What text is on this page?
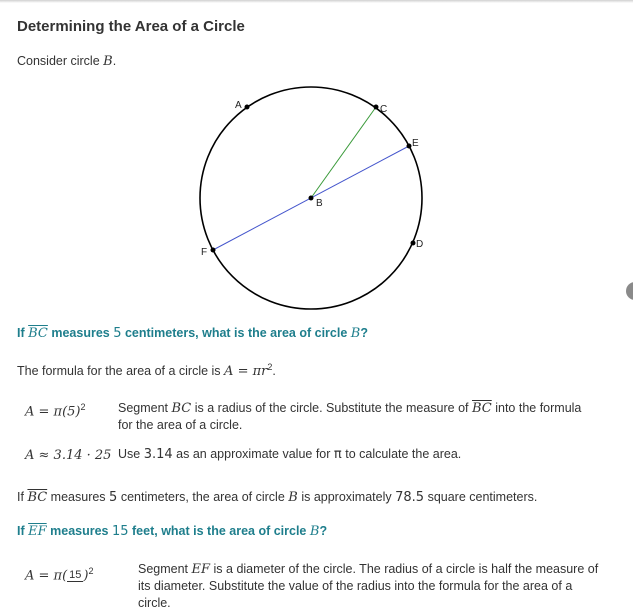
Determining the Area of a Circle
Consider circle B.
A
B
C
D
E
F
If $\overline{BC}$ measures 5 centimeters, what is the area of circle B?
The formula for the area of a circle is $A = \pi r^2$.
$A = \pi(5)^2$	Segment BC is a radius of the circle. Substitute the measure of $\overline{BC}$ into the formula for the area of a circle.
A ≈ 3.14 · 25 Use 3.14 as an approximate value for π to calculate the area.
If $\overline{BC}$ measures 5 centimeters, the area of circle B is approximately 78.5 square centimeters.
If $\overline{EF}$ measures 15 feet, what is the area of circle B?
A = π( 15 )$^2$	Segment EF is a diameter of the circle. The radius of a circle is half the measure of its diameter. Substitute the value of the radius into the formula for the area of a circle.
